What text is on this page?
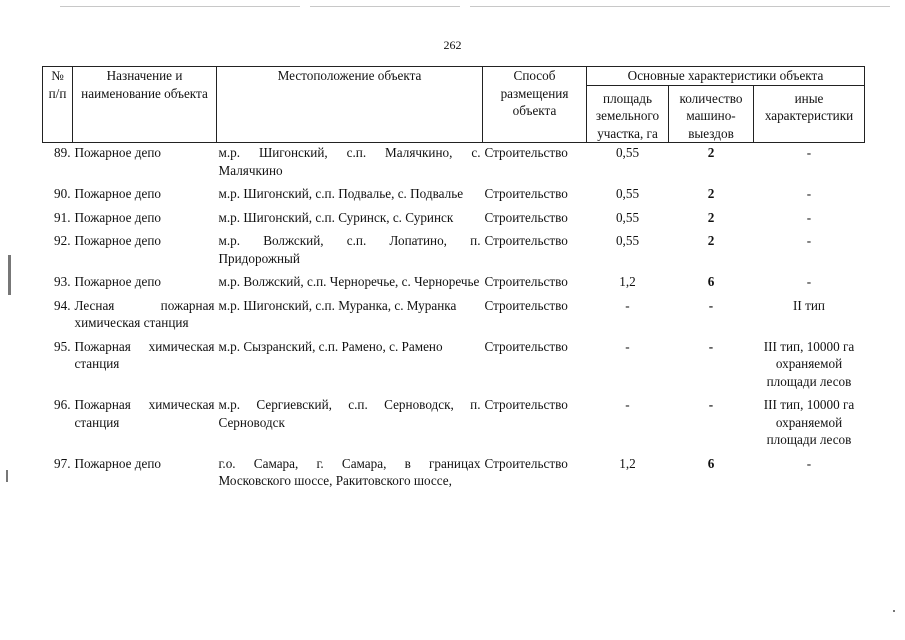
262
№ п/п	Назначение и наименование объекта	Местоположение объекта	Способ размещения объекта	Основные характеристики объекта		
				площадь земельного участка, га	количество машино-выездов	иные характеристики
89.	Пожарное депо	м.р. Шигонский, с.п. Малячкино, с. Малячкино	Строительство	0,55	2	-
90.	Пожарное депо	м.р. Шигонский, с.п. Подвалье, с. Подвалье	Строительство	0,55	2	-
91.	Пожарное депо	м.р. Шигонский, с.п. Суринск, с. Суринск	Строительство	0,55	2	-
92.	Пожарное депо	м.р. Волжский, с.п. Лопатино, п. Придорожный	Строительство	0,55	2	-
93.	Пожарное депо	м.р. Волжский, с.п. Черноречье, с. Черноречье	Строительство	1,2	6	-
94.	Лесная пожарная химическая станция	м.р. Шигонский, с.п. Муранка, с. Муранка	Строительство	-	-	II тип
95.	Пожарная химическая станция	м.р. Сызранский, с.п. Рамено, с. Рамено	Строительство	-	-	III тип, 10000 га охраняемой площади лесов
96.	Пожарная химическая станция	м.р. Сергиевский, с.п. Серноводск, п. Серноводск	Строительство	-	-	III тип, 10000 га охраняемой площади лесов
97.	Пожарное депо	г.о. Самара, г. Самара, в границах Московского шоссе, Ракитовского шоссе,	Строительство	1,2	6	-
